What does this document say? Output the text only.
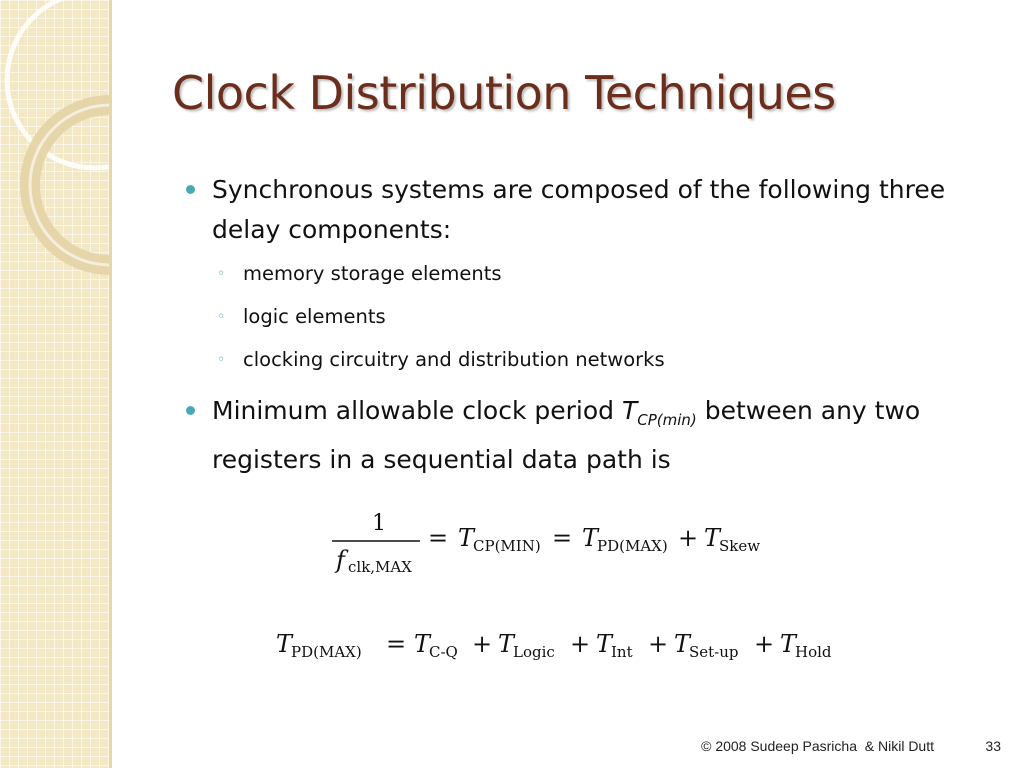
Clock Distribution Techniques
Synchronous systems are composed of the following three delay components:
◦ memory storage elements
◦ logic elements
◦ clocking circuitry and distribution networks
Minimum allowable clock period $T_{CP(min)}$ between any two registers in a sequential data path is
1
f clk,MAX
= T
CP(MIN) = T
PD(MAX) + T
Skew
T
PD(MAX) = T
C-Q + T
Logic + T
Int + T
Set-up + T
Hold
© 2008 Sudeep Pasricha  & Nikil Dutt	33
